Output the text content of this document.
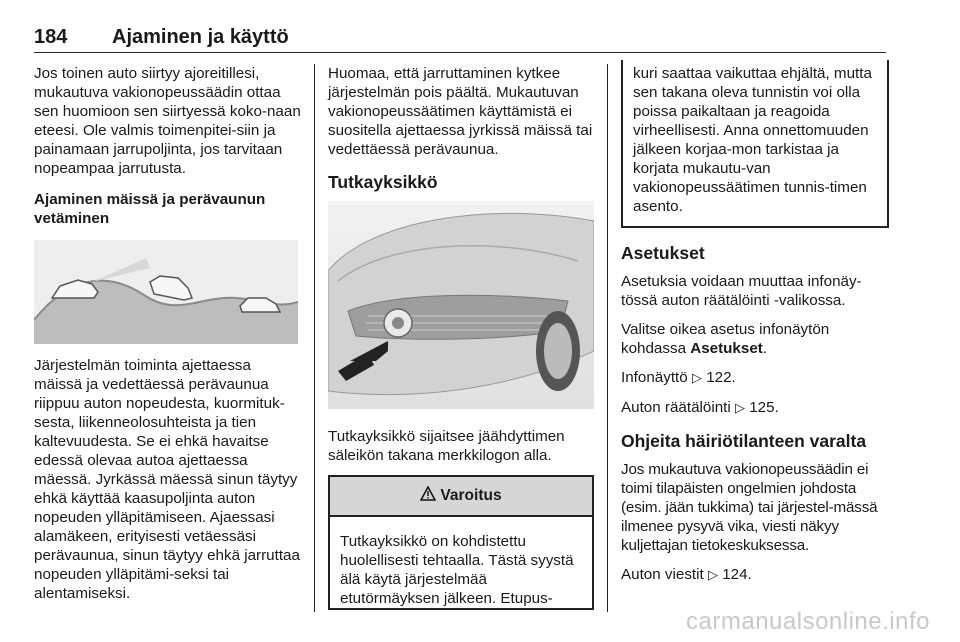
184 Ajaminen ja käyttö

Jos toinen auto siirtyy ajoreitillesi, mukautuva vakionopeussäädin ottaa sen huomioon sen siirtyessä koko-naan eteesi. Ole valmis toimenpitei-siin ja painamaan jarrupoljinta, jos tarvitaan nopeampaa jarrutusta.

Ajaminen mäissä ja perävaunun vetäminen

Järjestelmän toiminta ajettaessa mäissä ja vedettäessä perävaunua riippuu auton nopeudesta, kuormituk-sesta, liikenneolosuhteista ja tien kaltevuudesta. Se ei ehkä havaitse edessä olevaa autoa ajettaessa mäessä. Jyrkässä mäessä sinun täytyy ehkä käyttää kaasupoljinta auton nopeuden ylläpitämiseen. Ajaessasi alamäkeen, erityisesti vetäessäsi perävaunua, sinun täytyy ehkä jarruttaa nopeuden ylläpitämi-seksi tai alentamiseksi.

Huomaa, että jarruttaminen kytkee järjestelmän pois päältä. Mukautuvan vakionopeussäätimen käyttämistä ei suositella ajettaessa jyrkissä mäissä tai vedettäessä perävaunua.

Tutkayksikkö

Tutkayksikkö sijaitsee jäähdyttimen säleikön takana merkkilogon alla.

Varoitus

Tutkayksikkö on kohdistettu huolellisesti tehtaalla. Tästä syystä älä käytä järjestelmää etutörmäyksen jälkeen. Etupus-

kuri saattaa vaikuttaa ehjältä, mutta sen takana oleva tunnistin voi olla poissa paikaltaan ja reagoida virheellisesti. Anna onnettomuuden jälkeen korjaa-mon tarkistaa ja korjata mukautu-van vakionopeussäätimen tunnis-timen asento.

Asetukset

Asetuksia voidaan muuttaa infonäy-tössä auton räätälöinti -valikossa.

Valitse oikea asetus infonäytön kohdassa Asetukset.

Infonäyttö ▷ 122.

Auton räätälöinti ▷ 125.

Ohjeita häiriötilanteen varalta

Jos mukautuva vakionopeussäädin ei toimi tilapäisten ongelmien johdosta (esim. jään tukkima) tai järjestel-mässä ilmenee pysyvä vika, viesti näkyy kuljettajan tietokeskuksessa.

Auton viestit ▷ 124.

carmanualsonline.info
